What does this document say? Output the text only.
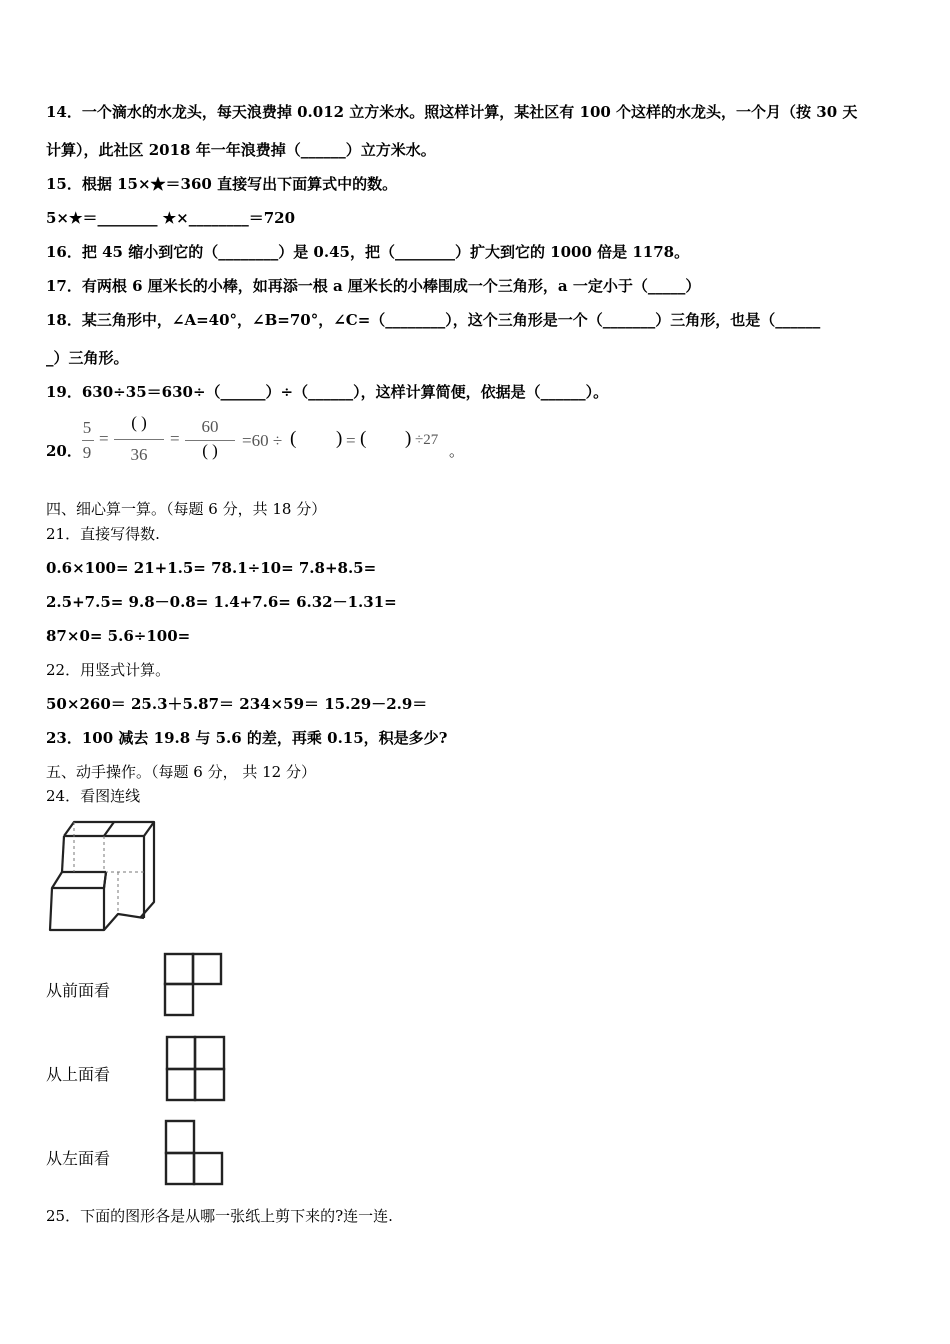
14．一个滴水的水龙头，每天浪费掉 0.012 立方米水。照这样计算，某社区有 100 个这样的水龙头，一个月（按 30 天
计算），此社区 2018 年一年浪费掉（______）立方米水。
15．根据 15×★＝360 直接写出下面算式中的数。
5×★＝________ ★×________＝720
16．把 45 缩小到它的（________）是 0.45，把（________）扩大到它的 1000 倍是 1178。
17．有两根 6 厘米长的小棒，如再添一根 a 厘米长的小棒围成一个三角形，a 一定小于（_____）
18．某三角形中，∠A=40°，∠B=70°，∠C=（________），这个三角形是一个（_______）三角形，也是（______
_）三角形。
19．630÷35＝630÷（______）÷（______），这样计算简便，依据是（______）。
20．
5
9
=
( )
36
=
60
( )
=60 ÷ ( ) = ( ) ÷27
。
四、细心算一算。（每题 6 分，共 18 分）
21．直接写得数.
0.6×100= 21+1.5= 78.1÷10= 7.8+8.5=
2.5+7.5= 9.8－0.8= 1.4+7.6= 6.32－1.31=
87×0= 5.6÷100=
22．用竖式计算。
50×260＝ 25.3＋5.87＝ 234×59＝ 15.29－2.9＝
23．100 减去 19.8 与 5.6 的差，再乘 0.15，积是多少?
五、动手操作。（每题 6 分， 共 12 分）
24．看图连线
从前面看
从上面看
从左面看
25．下面的图形各是从哪一张纸上剪下来的?连一连.
